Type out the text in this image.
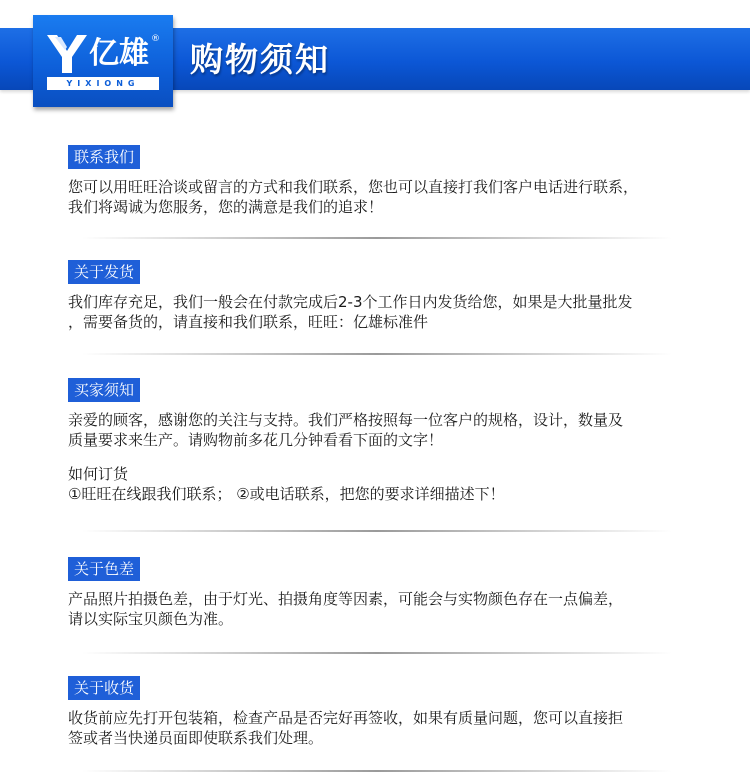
亿雄 ®
YIXIONG
购物须知
联系我们

您可以用旺旺洽谈或留言的方式和我们联系，您也可以直接打我们客户电话进行联系，

我们将竭诚为您服务，您的满意是我们的追求！

关于发货

我们库存充足，我们一般会在付款完成后2-3个工作日内发货给您，如果是大批量批发

，需要备货的，请直接和我们联系，旺旺：亿雄标准件

买家须知

亲爱的顾客，感谢您的关注与支持。我们严格按照每一位客户的规格，设计，数量及

质量要求来生产。请购物前多花几分钟看看下面的文字！

如何订货

①旺旺在线跟我们联系； ②或电话联系，把您的要求详细描述下！

关于色差

产品照片拍摄色差，由于灯光、拍摄角度等因素，可能会与实物颜色存在一点偏差，

请以实际宝贝颜色为准。

关于收货

收货前应先打开包装箱，检查产品是否完好再签收，如果有质量问题，您可以直接拒

签或者当快递员面即使联系我们处理。
